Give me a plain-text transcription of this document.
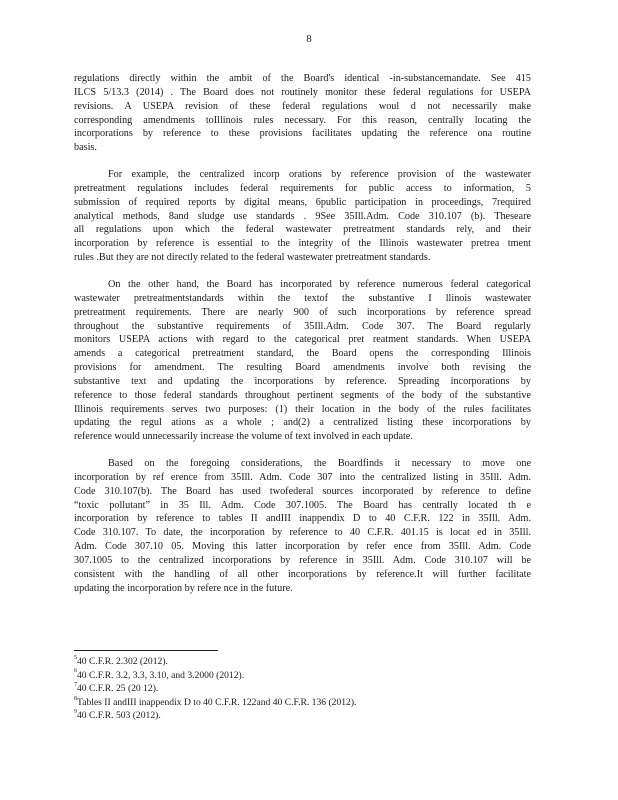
8
regulations directly within the ambit of the Board's identical -in-substancemandate. See 415
ILCS 5/13.3 (2014) . The Board does not routinely monitor these federal regulations for USEPA
revisions. A USEPA revision of these federal regulations woul d not necessarily make
corresponding amendments toIllinois rules necessary. For this reason, centrally locating the
incorporations by reference to these provisions facilitates updating the reference ona routine
basis.
For example, the centralized incorp orations by reference provision of the wastewater
pretreatment regulations includes federal requirements for public access to information, 5
submission of required reports by digital means, 6public participation in proceedings, 7required
analytical methods, 8and sludge use standards . 9See 35Ill.Adm. Code 310.107 (b). Theseare
all regulations upon which the federal wastewater pretreatment standards rely, and their
incorporation by reference is essential to the integrity of the Illinois wastewater pretrea tment
rules .But they are not directly related to the federal wastewater pretreatment standards.
On the other hand, the Board has incorporated by reference numerous federal categorical
wastewater pretreatmentstandards within the textof the substantive I llinois wastewater
pretreatment requirements. There are nearly 900 of such incorporations by reference spread
throughout the substantive requirements of 35Ill.Adm. Code 307. The Board regularly
monitors USEPA actions with regard to the categorical pret reatment standards. When USEPA
amends a categorical pretreatment standard, the Board opens the corresponding Illinois
provisions for amendment. The resulting Board amendments involve both revising the
substantive text and updating the incorporations by reference. Spreading incorporations by
reference to those federal standards throughout pertinent segments of the body of the substantive
Illinois requirements serves two purposes: (1) their location in the body of the rules facilitates
updating the regul ations as a whole ; and(2) a centralized listing these incorporations by
reference would unnecessarily increase the volume of text involved in each update.
Based on the foregoing considerations, the Boardfinds it necessary to move one
incorporation by ref erence from 35Ill. Adm. Code 307 into the centralized listing in 35Ill. Adm.
Code 310.107(b). The Board has used twofederal sources incorporated by reference to define
“toxic pollutant” in 35 Ill. Adm. Code 307.1005. The Board has centrally located th e
incorporation by reference to tables II andIII inappendix D to 40 C.F.R. 122 in 35Ill. Adm.
Code 310.107. To date, the incorporation by reference to 40 C.F.R. 401.15 is locat ed in 35Ill.
Adm. Code 307.10 05. Moving this latter incorporation by refer ence from 35Ill. Adm. Code
307.1005 to the centralized incorporations by reference in 35Ill. Adm. Code 310.107 will be
consistent with the handling of all other incorporations by reference.It will further facilitate
updating the incorporation by refere nce in the future.
$^5$40 C.F.R. 2.302 (2012).
$^6$40 C.F.R. 3.2, 3.3, 3.10, and 3.2000 (2012).
$^7$40 C.F.R. 25 (20 12).
$^8$Tables II andIII inappendix D to 40 C.F.R. 122and 40 C.F.R. 136 (2012).
$^9$40 C.F.R. 503 (2012).
